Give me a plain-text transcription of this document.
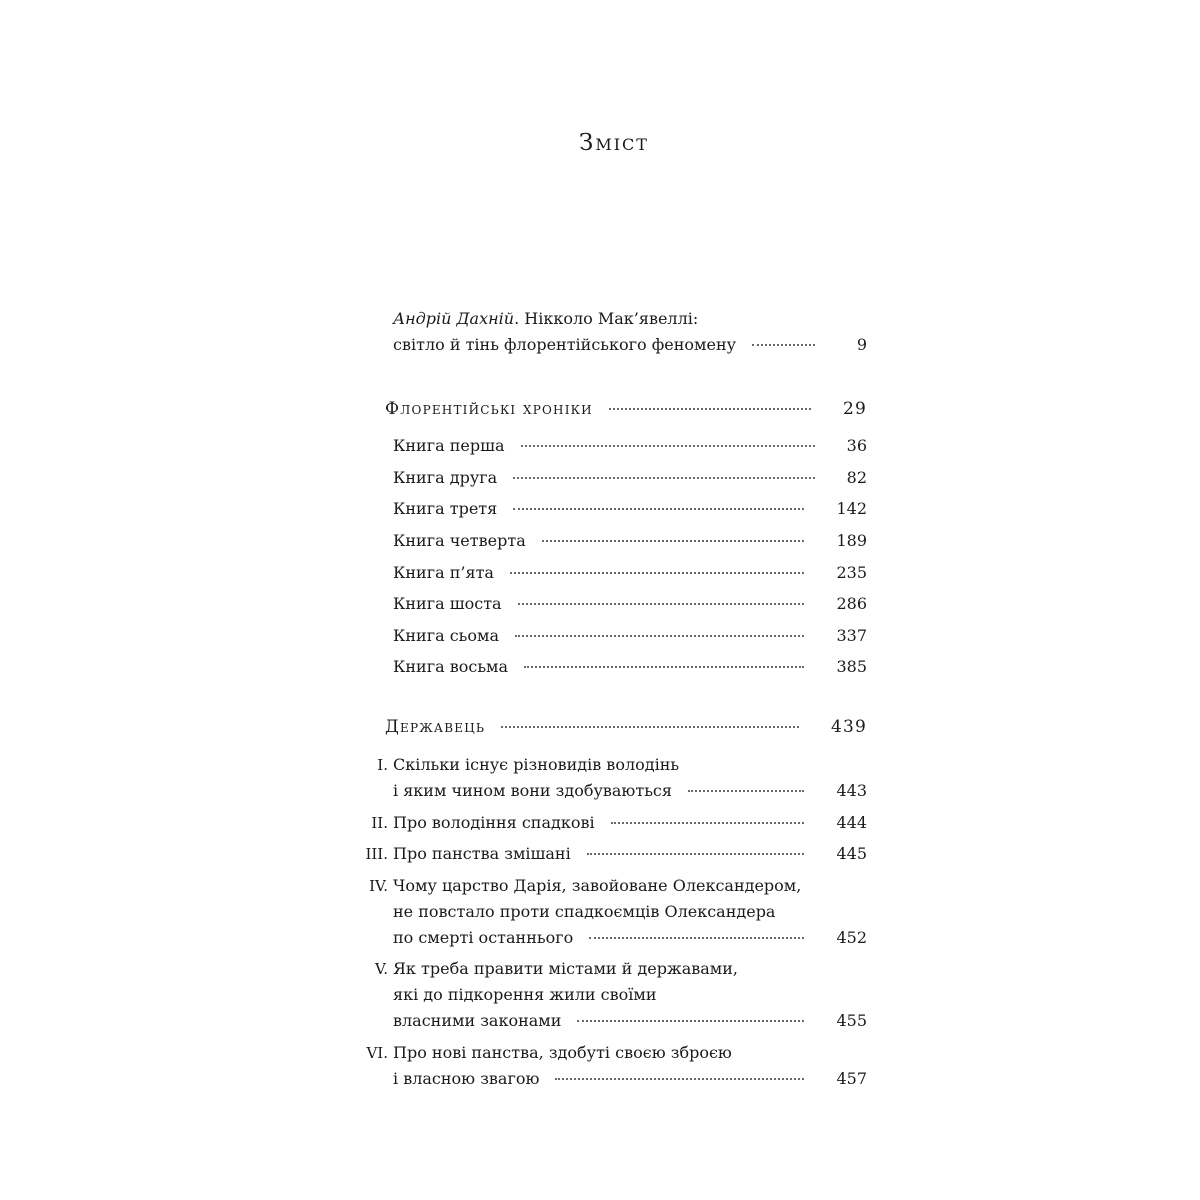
Зміст
Андрій Дахній. Нікколо Мак’явеллі:
світло й тінь флорентійського феномену	9
Флорентійські хроніки	29
Книга перша	36
Книга друга	82
Книга третя	142
Книга четверта	189
Книга п’ята	235
Книга шоста	286
Книга сьома	337
Книга восьма	385
Державець	439
I. Скільки існує різновидів володінь
і яким чином вони здобуваються	443
II. Про володіння спадкові	444
III. Про панства змішані	445
IV. Чому царство Дарія, завойоване Олександером,
не повстало проти спадкоємців Олександера
по смерті останнього	452
V. Як треба правити містами й державами,
які до підкорення жили своїми
власними законами	455
VI. Про нові панства, здобуті своєю зброєю
і власною звагою	457
